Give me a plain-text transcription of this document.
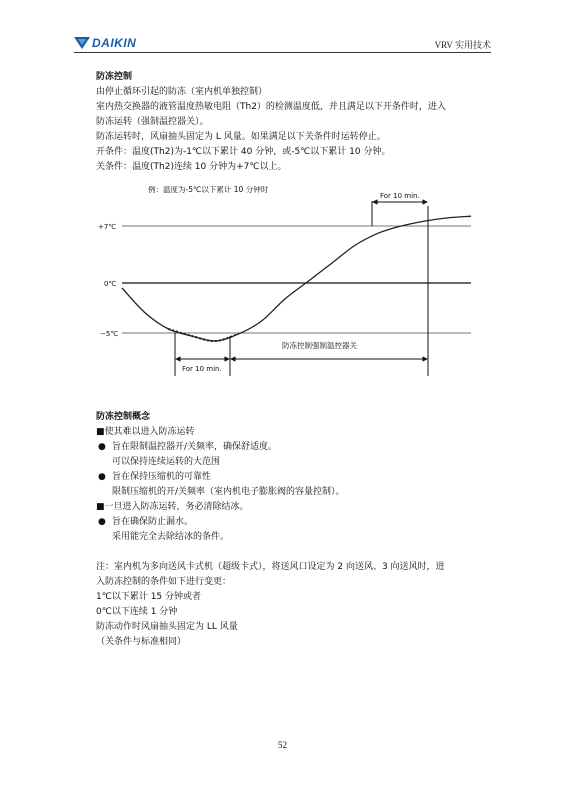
DAIKIN	VRV 实用技术
防冻控制
由停止循环引起的防冻（室内机单独控制）
室内热交换器的液管温度热敏电阻（Th2）的检测温度低，并且满足以下开条件时，进入
防冻运转（强制温控器关）。
防冻运转时，风扇抽头固定为 L 风量。如果满足以下关条件时运转停止。
开条件：温度(Th2)为-1℃以下累计 40 分钟，或-5℃以下累计 10 分钟。
关条件：温度(Th2)连续 10 分钟为+7℃以上。
例：温度为-5℃以下累计 10 分钟时
+7℃
0℃
−5℃
For 10 min.
防冻控制强制温控器关
For 10 min.
防冻控制概念
■使其难以进入防冻运转
● 旨在限制温控器开/关频率，确保舒适度。
可以保持连续运转的大范围
● 旨在保持压缩机的可靠性
限制压缩机的开/关频率（室内机电子膨胀阀的容量控制）。
■一旦进入防冻运转，务必清除结冰。
● 旨在确保防止漏水。
采用能完全去除结冰的条件。
注：室内机为多向送风卡式机（超级卡式），将送风口设定为 2 向送风、3 向送风时，进
入防冻控制的条件如下进行变更：
1℃以下累计 15 分钟或者
0℃以下连续 1 分钟
防冻动作时风扇抽头固定为 LL 风量
（关条件与标准相同）
52
